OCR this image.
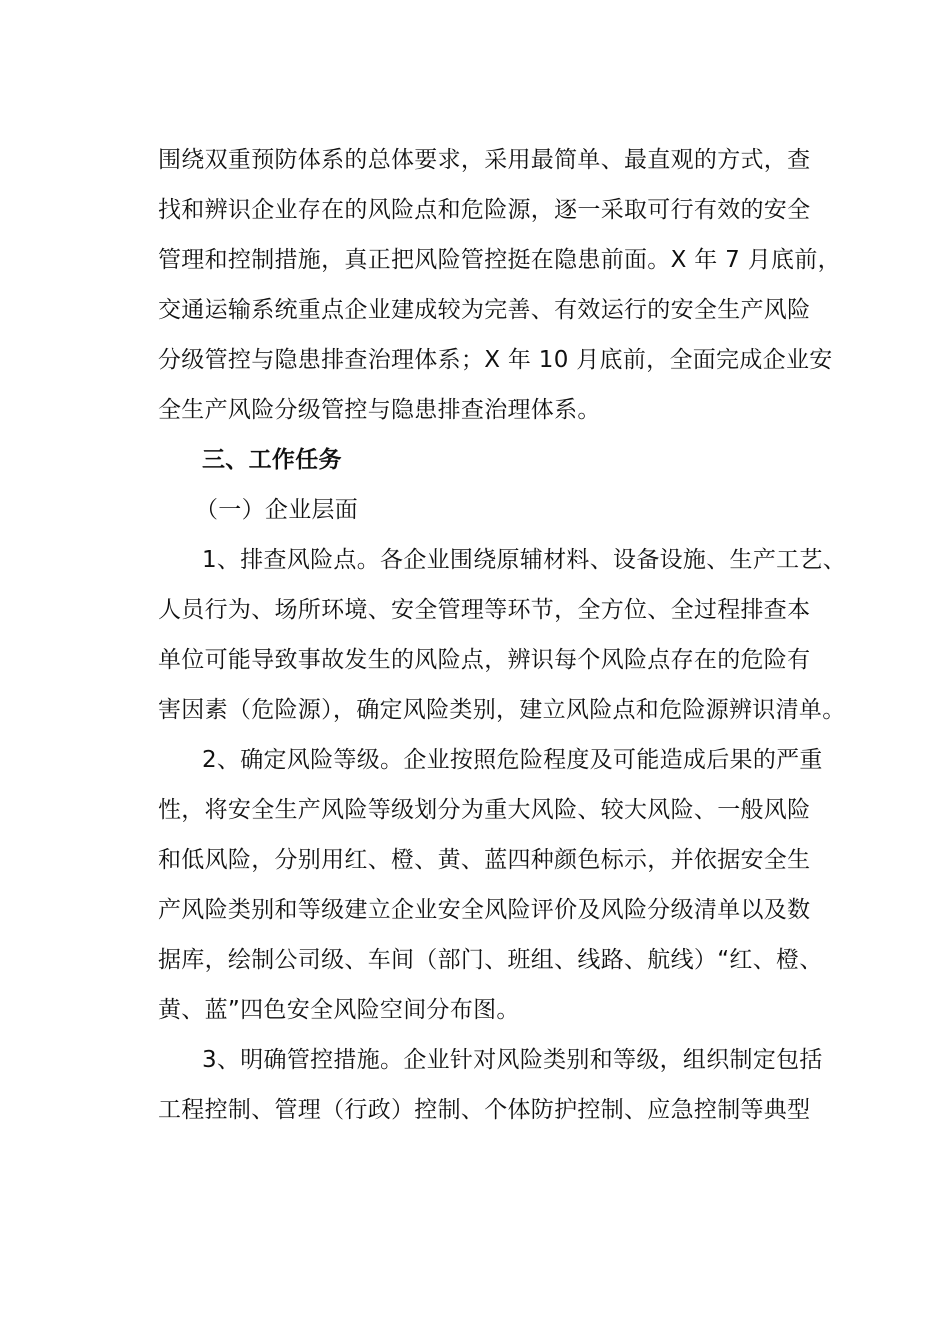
围绕双重预防体系的总体要求，采用最简单、最直观的方式，查
找和辨识企业存在的风险点和危险源，逐一采取可行有效的安全
管理和控制措施，真正把风险管控挺在隐患前面。X 年 7 月底前，
交通运输系统重点企业建成较为完善、有效运行的安全生产风险
分级管控与隐患排查治理体系；X 年 10 月底前，全面完成企业安
全生产风险分级管控与隐患排查治理体系。
三、工作任务
（一）企业层面
1、排查风险点。各企业围绕原辅材料、设备设施、生产工艺、
人员行为、场所环境、安全管理等环节，全方位、全过程排查本
单位可能导致事故发生的风险点，辨识每个风险点存在的危险有
害因素（危险源），确定风险类别，建立风险点和危险源辨识清单。
2、确定风险等级。企业按照危险程度及可能造成后果的严重
性，将安全生产风险等级划分为重大风险、较大风险、一般风险
和低风险，分别用红、橙、黄、蓝四种颜色标示，并依据安全生
产风险类别和等级建立企业安全风险评价及风险分级清单以及数
据库，绘制公司级、车间（部门、班组、线路、航线）“红、橙、
黄、蓝”四色安全风险空间分布图。
3、明确管控措施。企业针对风险类别和等级，组织制定包括
工程控制、管理（行政）控制、个体防护控制、应急控制等典型
